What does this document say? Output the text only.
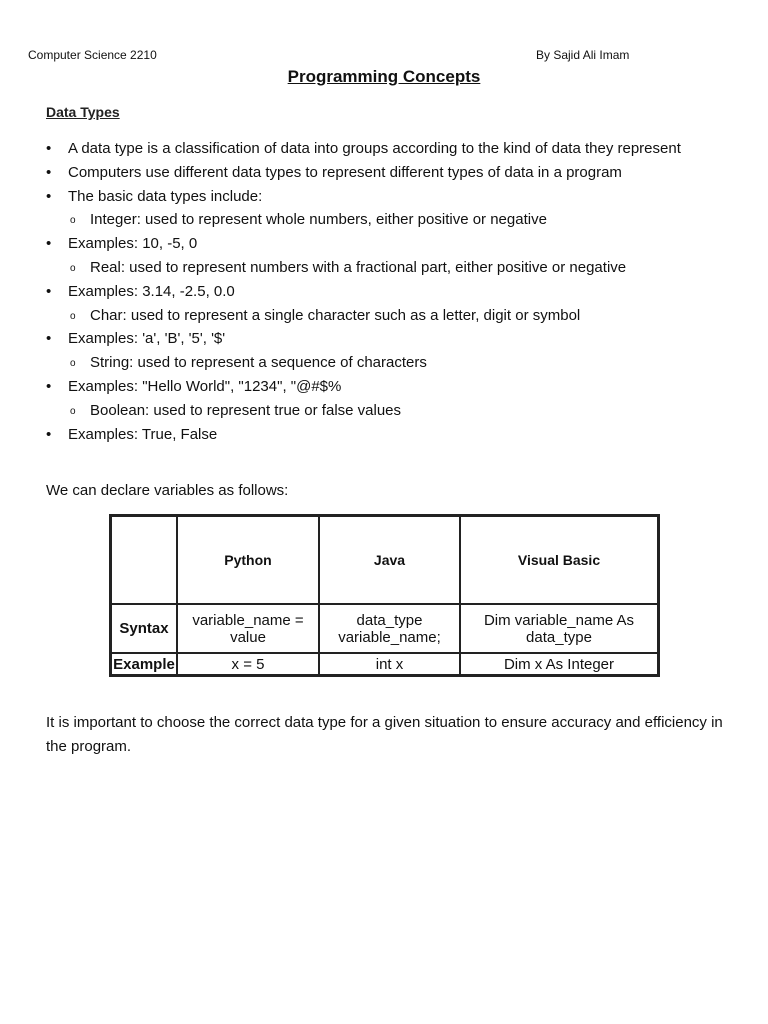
Computer Science 2210	By Sajid Ali Imam
Programming Concepts
Data Types
• A data type is a classification of data into groups according to the kind of data they represent
• Computers use different data types to represent different types of data in a program
• The basic data types include:
o Integer: used to represent whole numbers, either positive or negative
• Examples: 10, -5, 0
o Real: used to represent numbers with a fractional part, either positive or negative
• Examples: 3.14, -2.5, 0.0
o Char: used to represent a single character such as a letter, digit or symbol
• Examples: 'a', 'B', '5', '$'
o String: used to represent a sequence of characters
• Examples: "Hello World", "1234", "@#$%
o Boolean: used to represent true or false values
• Examples: True, False
We can declare variables as follows:
	Python	Java	Visual Basic
Syntax	variable_name = value	data_type variable_name;	Dim variable_name As data_type
Example	x = 5	int x	Dim x As Integer
It is important to choose the correct data type for a given situation to ensure accuracy and efficiency in the program.
